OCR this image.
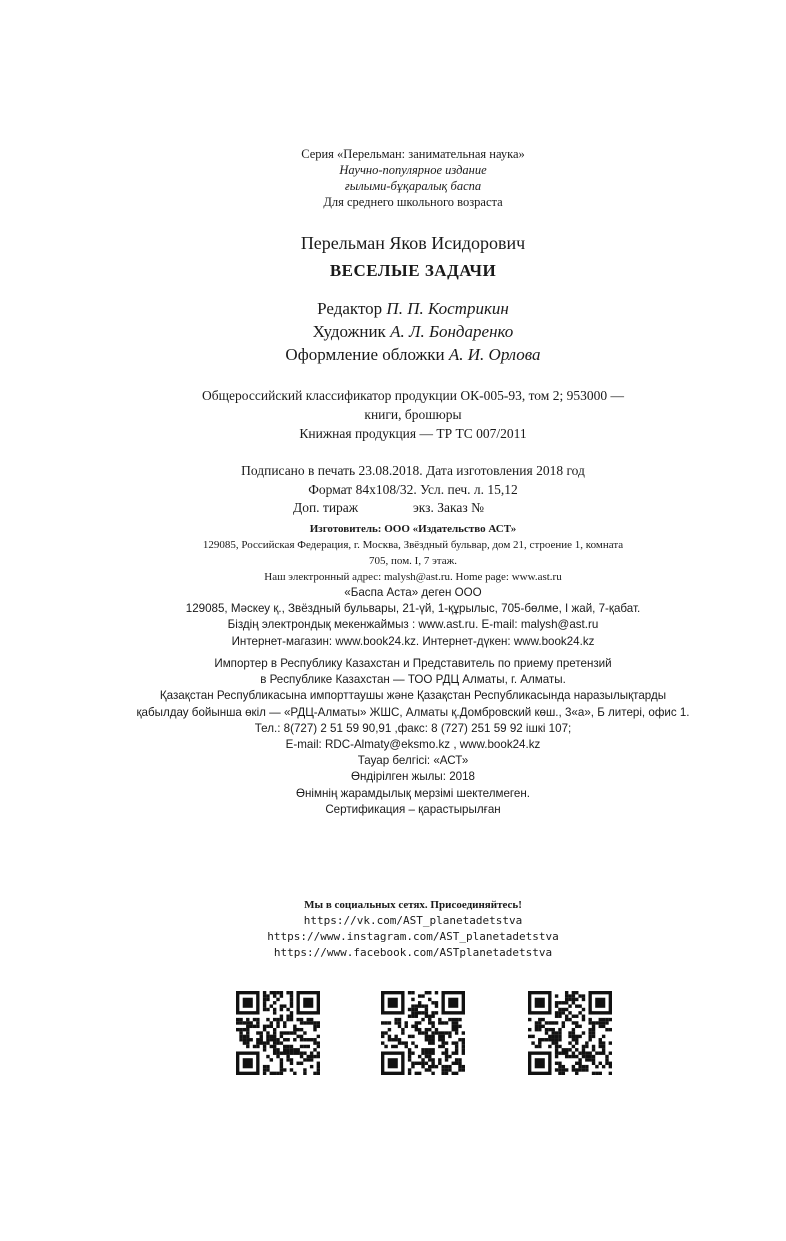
Серия «Перельман: занимательная наука»
Научно-популярное издание
ғылыми-бұқаралық баспа
Для среднего школьного возраста
Перельман Яков Исидорович
ВЕСЕЛЫЕ ЗАДАЧИ
Редактор П. П. Кострикин
Художник А. Л. Бондаренко
Оформление обложки А. И. Орлова
Общероссийский классификатор продукции ОК-005-93, том 2; 953000 —
книги, брошюры
Книжная продукция — ТР ТС 007/2011
Подписано в печать 23.08.2018. Дата изготовления 2018 год
Формат 84x108/32. Усл. печ. л. 15,12
Доп. тираж	экз. Заказ №
Изготовитель: ООО «Издательство АСТ»
129085, Российская Федерация, г. Москва, Звёздный бульвар, дом 21, строение 1, комната
705, пом. I, 7 этаж.
Наш электронный адрес: malysh@ast.ru. Home page: www.ast.ru
«Баспа Аста» деген ООО
129085, Мәскеу қ., Звёздный бульвары, 21-үй, 1-құрылыс, 705-бөлме, I жай, 7-қабат.
Біздің электрондық мекенжаймыз : www.ast.ru. E-mail: malysh@ast.ru
Интернет-магазин: www.book24.kz. Интернет-дүкен: www.book24.kz
Импортер в Республику Казахстан и Представитель по приему претензий
в Республике Казахстан — ТОО РДЦ Алматы, г. Алматы.
Қазақстан Республикасына импорттаушы және Қазақстан Республикасында наразылықтарды
қабылдау бойынша өкіл — «РДЦ-Алматы» ЖШС, Алматы қ.Домбровский көш., 3«а», Б литері, офис 1.
Тел.: 8(727) 2 51 59 90,91 ,факс: 8 (727) 251 59 92 ішкі 107;
E-mail: RDC-Almaty@eksmo.kz , www.book24.kz
Тауар белгісі: «АСТ»
Өндірілген жылы: 2018
Өнімнің жарамдылық мерзімі шектелмеген.
Сертификация – қарастырылған
Мы в социальных сетях. Присоединяйтесь!
https://vk.com/AST_planetadetstva
https://www.instagram.com/AST_planetadetstva
https://www.facebook.com/ASTplanetadetstva
